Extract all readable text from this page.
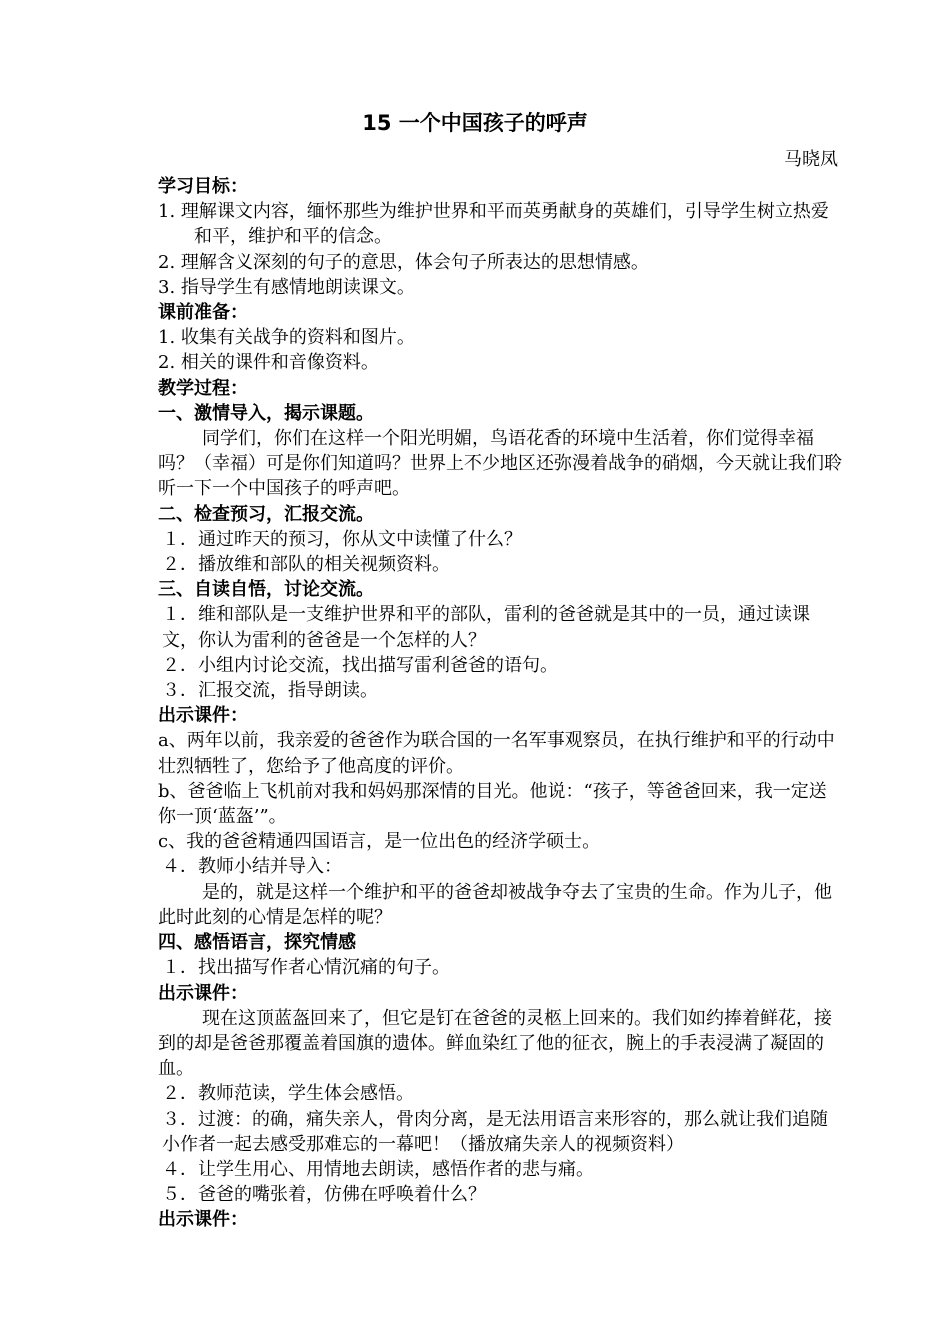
15 一个中国孩子的呼声
马晓凤

学习目标：

1. 理解课文内容，缅怀那些为维护世界和平而英勇献身的英雄们，引导学生树立热爱和平，维护和平的信念。

2. 理解含义深刻的句子的意思，体会句子所表达的思想情感。

3. 指导学生有感情地朗读课文。

课前准备：

1. 收集有关战争的资料和图片。

2. 相关的课件和音像资料。

教学过程：

一、激情导入，揭示课题。

同学们，你们在这样一个阳光明媚，鸟语花香的环境中生活着，你们觉得幸福吗？（幸福）可是你们知道吗？世界上不少地区还弥漫着战争的硝烟，今天就让我们聆听一下一个中国孩子的呼声吧。

二、检查预习，汇报交流。

１．通过昨天的预习，你从文中读懂了什么？

２．播放维和部队的相关视频资料。

三、自读自悟，讨论交流。

１．维和部队是一支维护世界和平的部队，雷利的爸爸就是其中的一员，通过读课文，你认为雷利的爸爸是一个怎样的人？

２．小组内讨论交流，找出描写雷利爸爸的语句。

３．汇报交流，指导朗读。

出示课件：

a、两年以前，我亲爱的爸爸作为联合国的一名军事观察员，在执行维护和平的行动中壮烈牺牲了，您给予了他高度的评价。

b、爸爸临上飞机前对我和妈妈那深情的目光。他说：“孩子，等爸爸回来，我一定送你一顶‘蓝盔’”。

c、我的爸爸精通四国语言，是一位出色的经济学硕士。

４．教师小结并导入：

是的，就是这样一个维护和平的爸爸却被战争夺去了宝贵的生命。作为儿子，他此时此刻的心情是怎样的呢？

四、感悟语言，探究情感

１．找出描写作者心情沉痛的句子。

出示课件：

现在这顶蓝盔回来了，但它是钉在爸爸的灵柩上回来的。我们如约捧着鲜花，接到的却是爸爸那覆盖着国旗的遗体。鲜血染红了他的征衣，腕上的手表浸满了凝固的血。

２．教师范读，学生体会感悟。

３．过渡：的确，痛失亲人，骨肉分离，是无法用语言来形容的，那么就让我们追随小作者一起去感受那难忘的一幕吧！（播放痛失亲人的视频资料）

４．让学生用心、用情地去朗读，感悟作者的悲与痛。

５．爸爸的嘴张着，仿佛在呼唤着什么？

出示课件：
